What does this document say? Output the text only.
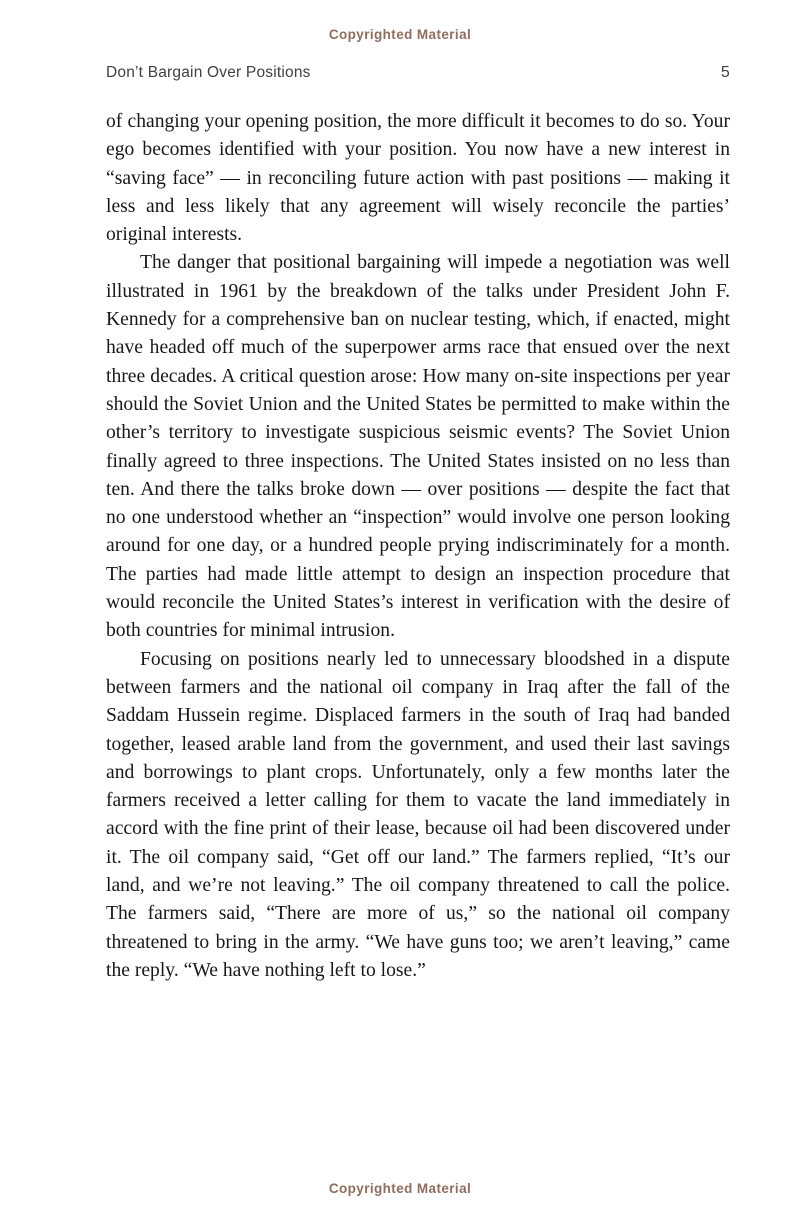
Copyrighted Material
Don’t Bargain Over Positions	5

of changing your opening position, the more difficult it becomes to do so. Your ego becomes identified with your position. You now have a new interest in “saving face” — in reconciling future action with past positions — making it less and less likely that any agreement will wisely reconcile the parties’ original interests.

The danger that positional bargaining will impede a negotiation was well illustrated in 1961 by the breakdown of the talks under President John F. Kennedy for a comprehensive ban on nuclear testing, which, if enacted, might have headed off much of the superpower arms race that ensued over the next three decades. A critical question arose: How many on-site inspections per year should the Soviet Union and the United States be permitted to make within the other’s territory to investigate suspicious seismic events? The Soviet Union finally agreed to three inspections. The United States insisted on no less than ten. And there the talks broke down — over positions — despite the fact that no one understood whether an “inspection” would involve one person looking around for one day, or a hundred people prying indiscriminately for a month. The parties had made little attempt to design an inspection procedure that would reconcile the United States’s interest in verification with the desire of both countries for minimal intrusion.

Focusing on positions nearly led to unnecessary bloodshed in a dispute between farmers and the national oil company in Iraq after the fall of the Saddam Hussein regime. Displaced farmers in the south of Iraq had banded together, leased arable land from the government, and used their last savings and borrowings to plant crops. Unfortunately, only a few months later the farmers received a letter calling for them to vacate the land immediately in accord with the fine print of their lease, because oil had been discovered under it. The oil company said, “Get off our land.” The farmers replied, “It’s our land, and we’re not leaving.” The oil company threatened to call the police. The farmers said, “There are more of us,” so the national oil company threatened to bring in the army. “We have guns too; we aren’t leaving,” came the reply. “We have nothing left to lose.”

Copyrighted Material
